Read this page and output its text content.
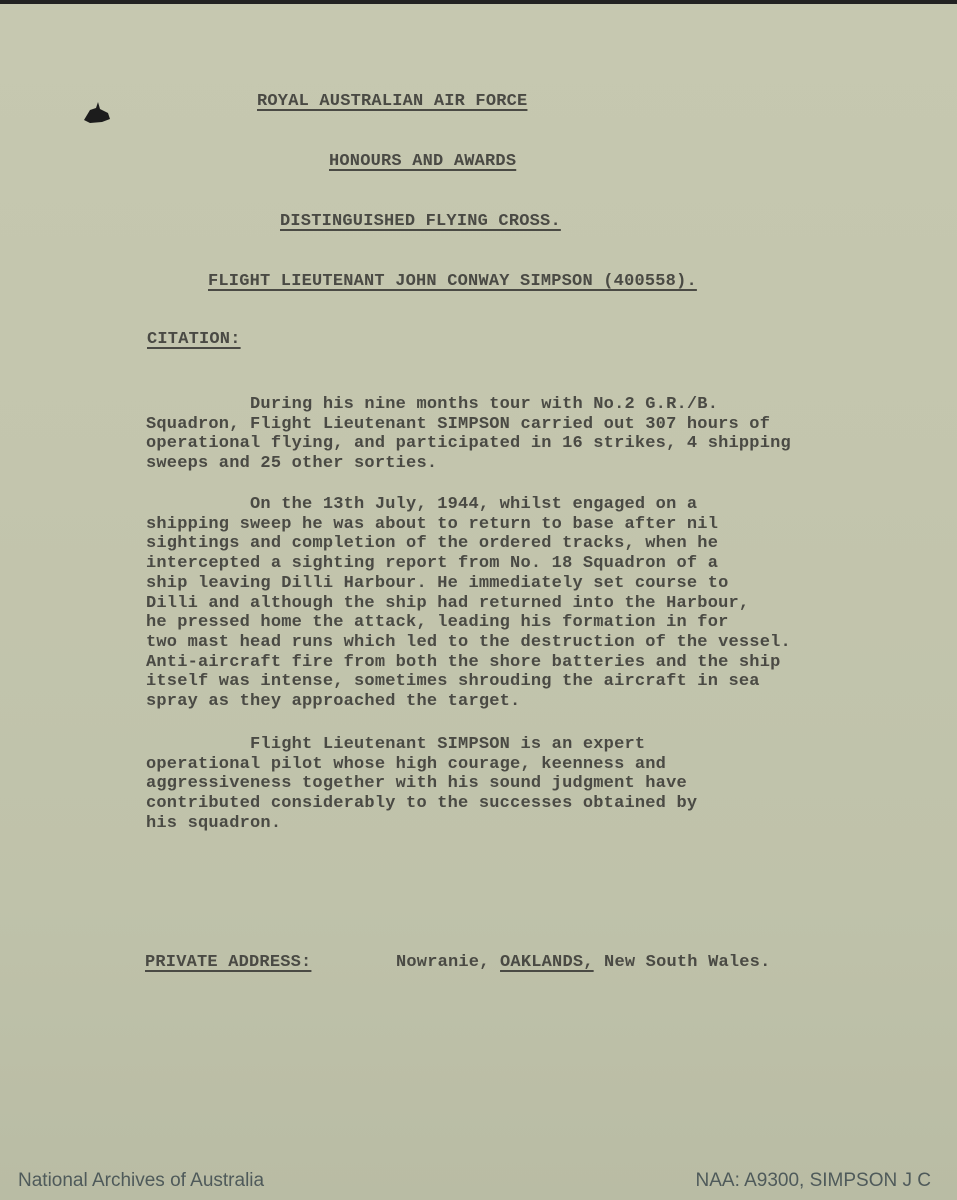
ROYAL AUSTRALIAN AIR FORCE
HONOURS AND AWARDS
DISTINGUISHED FLYING CROSS.
FLIGHT LIEUTENANT JOHN CONWAY SIMPSON (400558).
CITATION:
During his nine months tour with No.2 G.R./B.
Squadron, Flight Lieutenant SIMPSON carried out 307 hours of
operational flying, and participated in 16 strikes, 4 shipping
sweeps and 25 other sorties.
On the 13th July, 1944, whilst engaged on a
shipping sweep he was about to return to base after nil
sightings and completion of the ordered tracks, when he
intercepted a sighting report from No. 18 Squadron of a
ship leaving Dilli Harbour. He immediately set course to
Dilli and although the ship had returned into the Harbour,
he pressed home the attack, leading his formation in for
two mast head runs which led to the destruction of the vessel.
Anti-aircraft fire from both the shore batteries and the ship
itself was intense, sometimes shrouding the aircraft in sea
spray as they approached the target.
Flight Lieutenant SIMPSON is an expert
operational pilot whose high courage, keenness and
aggressiveness together with his sound judgment have
contributed considerably to the successes obtained by
his squadron.
PRIVATE ADDRESS:	Nowranie, OAKLANDS, New South Wales.
National Archives of Australia	NAA: A9300, SIMPSON J C
